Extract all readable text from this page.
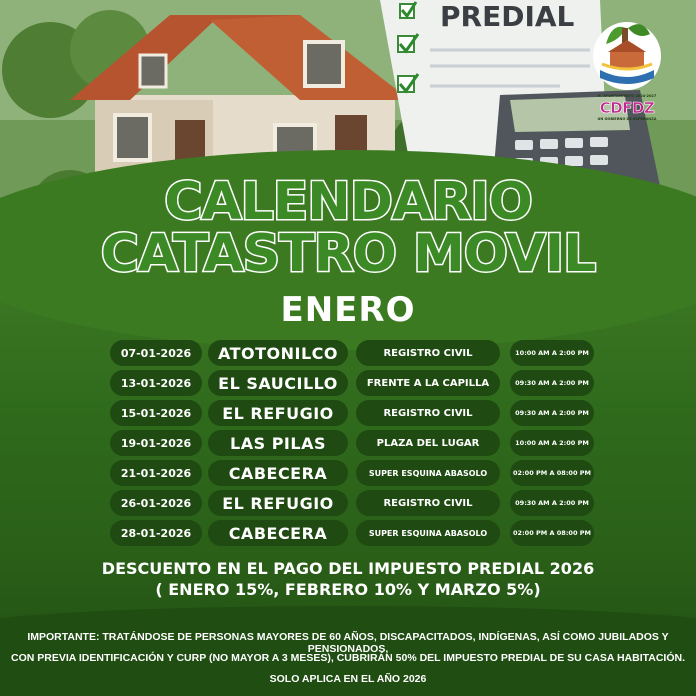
PREDIAL
H. AYUNTAMIENTO 2024-2027
CDFDZ
UN GOBIERNO DE ESPERANZA
CALENDARIO
CATASTRO MOVIL
ENERO
07-01-2026	ATOTONILCO	REGISTRO CIVIL	10:00 AM A 2:00 PM
13-01-2026	EL SAUCILLO	FRENTE A LA CAPILLA	09:30 AM A 2:00 PM
15-01-2026	EL REFUGIO	REGISTRO CIVIL	09:30 AM A 2:00 PM
19-01-2026	LAS PILAS	PLAZA DEL LUGAR	10:00 AM A 2:00 PM
21-01-2026	CABECERA	SUPER ESQUINA ABASOLO	02:00 PM A 08:00 PM
26-01-2026	EL REFUGIO	REGISTRO CIVIL	09:30 AM A 2:00 PM
28-01-2026	CABECERA	SUPER ESQUINA ABASOLO	02:00 PM A 08:00 PM
DESCUENTO EN EL PAGO DEL IMPUESTO PREDIAL 2026
( ENERO 15%, FEBRERO 10% Y MARZO 5%)
IMPORTANTE: TRATÁNDOSE DE PERSONAS MAYORES DE 60 AÑOS, DISCAPACITADOS, INDÍGENAS, ASÍ COMO JUBILADOS Y PENSIONADOS,
CON PREVIA IDENTIFICACIÓN Y CURP (NO MAYOR A 3 MESES), CUBRIRÁN 50% DEL IMPUESTO PREDIAL DE SU CASA HABITACIÓN.
SOLO APLICA EN EL AÑO 2026
